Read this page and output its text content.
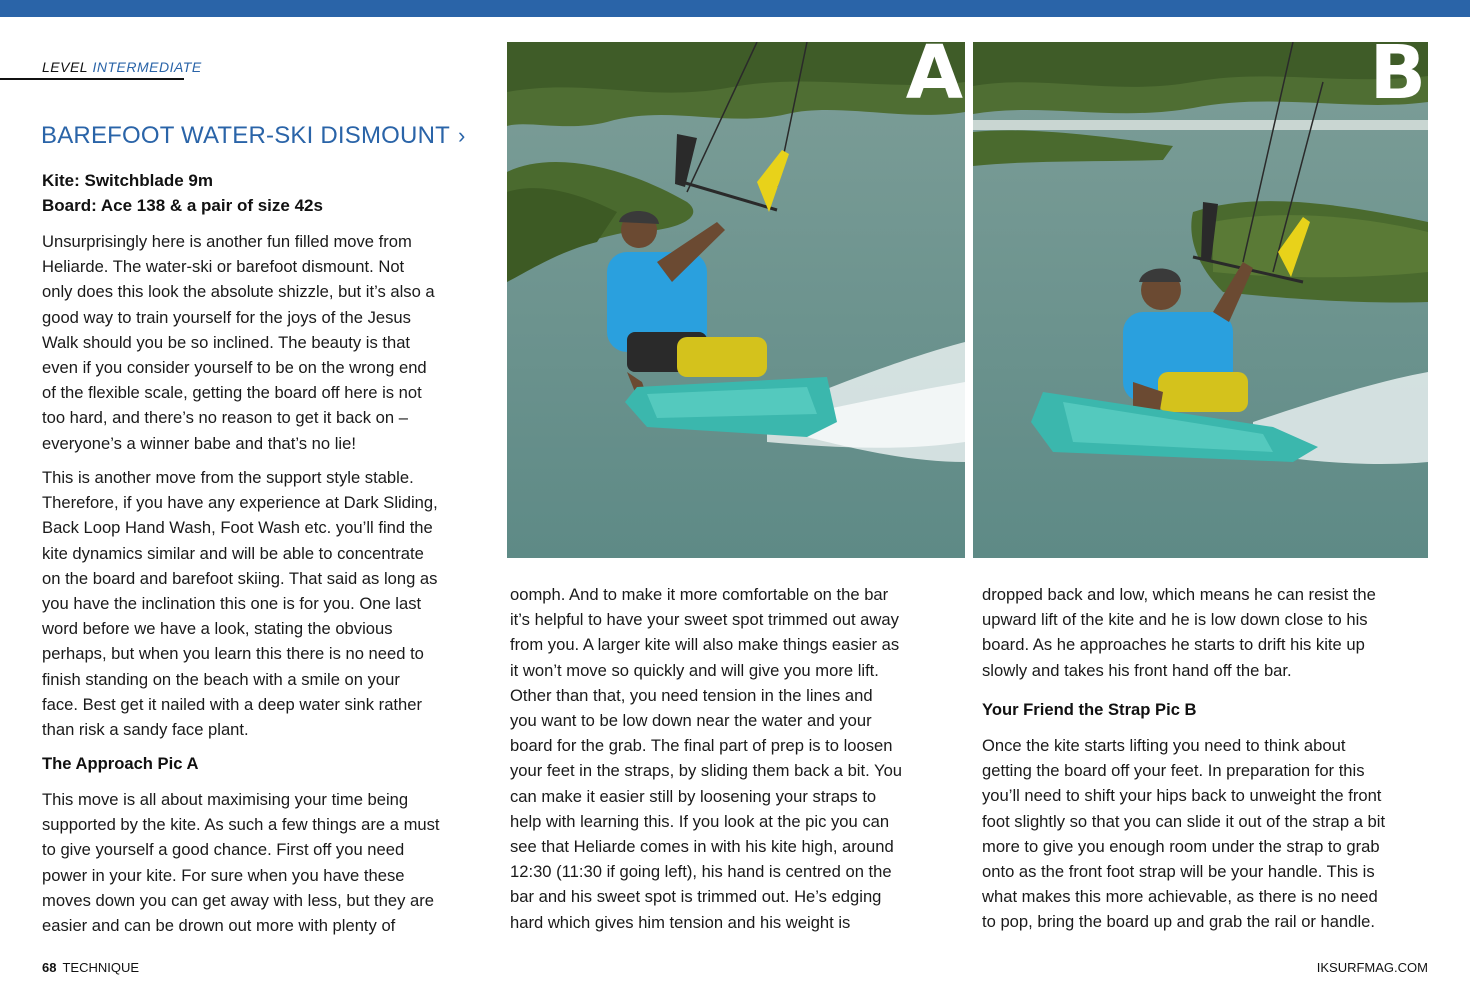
LEVEL INTERMEDIATE
BAREFOOT WATER-SKI DISMOUNT ›
Kite: Switchblade 9m
Board: Ace 138 & a pair of size 42s
Unsurprisingly here is another fun filled move from
Heliarde. The water-ski or barefoot dismount. Not
only does this look the absolute shizzle, but it’s also a
good way to train yourself for the joys of the Jesus
Walk should you be so inclined. The beauty is that
even if you consider yourself to be on the wrong end
of the flexible scale, getting the board off here is not
too hard, and there’s no reason to get it back on –
everyone’s a winner babe and that’s no lie!
This is another move from the support style stable.
Therefore, if you have any experience at Dark Sliding,
Back Loop Hand Wash, Foot Wash etc. you’ll find the
kite dynamics similar and will be able to concentrate
on the board and barefoot skiing. That said as long as
you have the inclination this one is for you. One last
word before we have a look, stating the obvious
perhaps, but when you learn this there is no need to
finish standing on the beach with a smile on your
face. Best get it nailed with a deep water sink rather
than risk a sandy face plant.
The Approach Pic A
This move is all about maximising your time being
supported by the kite. As such a few things are a must
to give yourself a good chance. First off you need
power in your kite. For sure when you have these
moves down you can get away with less, but they are
easier and can be drown out more with plenty of
oomph. And to make it more comfortable on the bar
it’s helpful to have your sweet spot trimmed out away
from you. A larger kite will also make things easier as
it won’t move so quickly and will give you more lift.
Other than that, you need tension in the lines and
you want to be low down near the water and your
board for the grab. The final part of prep is to loosen
your feet in the straps, by sliding them back a bit. You
can make it easier still by loosening your straps to
help with learning this. If you look at the pic you can
see that Heliarde comes in with his kite high, around
12:30 (11:30 if going left), his hand is centred on the
bar and his sweet spot is trimmed out. He’s edging
hard which gives him tension and his weight is
dropped back and low, which means he can resist the
upward lift of the kite and he is low down close to his
board. As he approaches he starts to drift his kite up
slowly and takes his front hand off the bar.
Your Friend the Strap Pic B
Once the kite starts lifting you need to think about
getting the board off your feet. In preparation for this
you’ll need to shift your hips back to unweight the front
foot slightly so that you can slide it out of the strap a bit
more to give you enough room under the strap to grab
onto as the front foot strap will be your handle. This is
what makes this more achievable, as there is no need
to pop, bring the board up and grab the rail or handle.
A	B
68 TECHNIQUE	IKSURFMAG.COM
